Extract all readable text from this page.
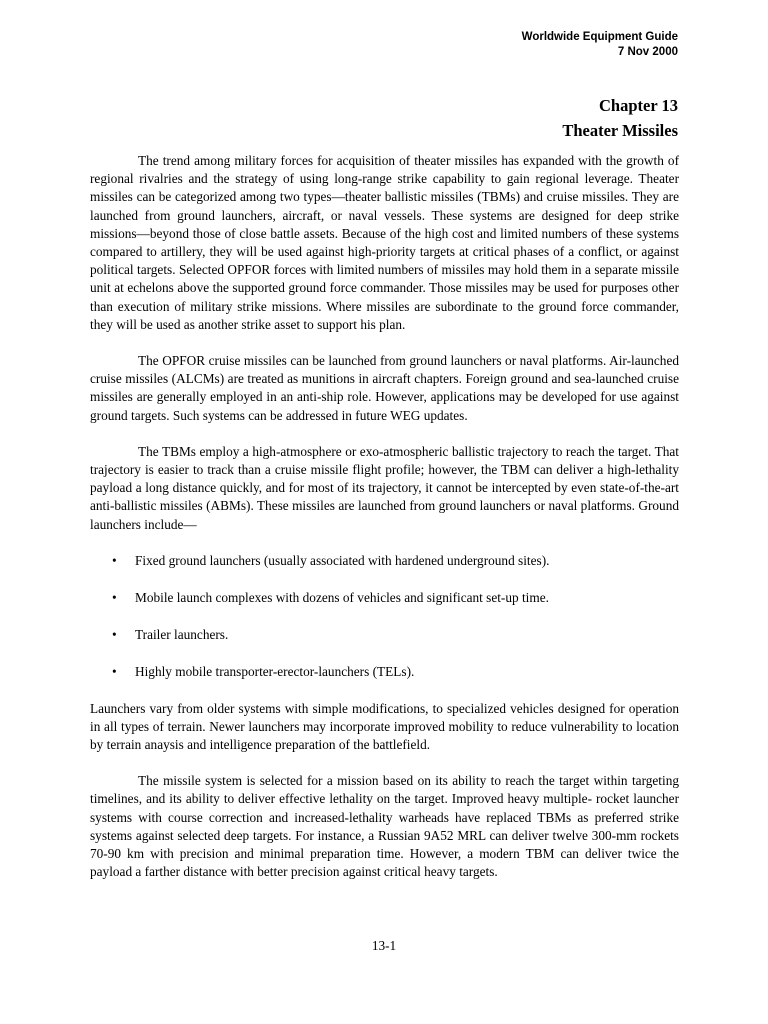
Worldwide Equipment Guide
7 Nov 2000
Chapter 13
Theater Missiles

The trend among military forces for acquisition of theater missiles has expanded with the growth of regional rivalries and the strategy of using long-range strike capability to gain regional leverage. Theater missiles can be categorized among two types—theater ballistic missiles (TBMs) and cruise missiles. They are launched from ground launchers, aircraft, or naval vessels. These systems are designed for deep strike missions—beyond those of close battle assets. Because of the high cost and limited numbers of these systems compared to artillery, they will be used against high-priority targets at critical phases of a conflict, or against political targets. Selected OPFOR forces with limited numbers of missiles may hold them in a separate missile unit at echelons above the supported ground force commander. Those missiles may be used for purposes other than execution of military strike missions. Where missiles are subordinate to the ground force commander, they will be used as another strike asset to support his plan.

The OPFOR cruise missiles can be launched from ground launchers or naval platforms. Air-launched cruise missiles (ALCMs) are treated as munitions in aircraft chapters. Foreign ground and sea-launched cruise missiles are generally employed in an anti-ship role. However, applications may be developed for use against ground targets. Such systems can be addressed in future WEG updates.

The TBMs employ a high-atmosphere or exo-atmospheric ballistic trajectory to reach the target. That trajectory is easier to track than a cruise missile flight profile; however, the TBM can deliver a high-lethality payload a long distance quickly, and for most of its trajectory, it cannot be intercepted by even state-of-the-art anti-ballistic missiles (ABMs). These missiles are launched from ground launchers or naval platforms. Ground launchers include—

• Fixed ground launchers (usually associated with hardened underground sites).
• Mobile launch complexes with dozens of vehicles and significant set-up time.
• Trailer launchers.
• Highly mobile transporter-erector-launchers (TELs).

Launchers vary from older systems with simple modifications, to specialized vehicles designed for operation in all types of terrain. Newer launchers may incorporate improved mobility to reduce vulnerability to location by terrain anaysis and intelligence preparation of the battlefield.

The missile system is selected for a mission based on its ability to reach the target within targeting timelines, and its ability to deliver effective lethality on the target. Improved heavy multiple- rocket launcher systems with course correction and increased-lethality warheads have replaced TBMs as preferred strike systems against selected deep targets. For instance, a Russian 9A52 MRL can deliver twelve 300-mm rockets 70-90 km with precision and minimal preparation time. However, a modern TBM can deliver twice the payload a farther distance with better precision against critical heavy targets.

13-1
